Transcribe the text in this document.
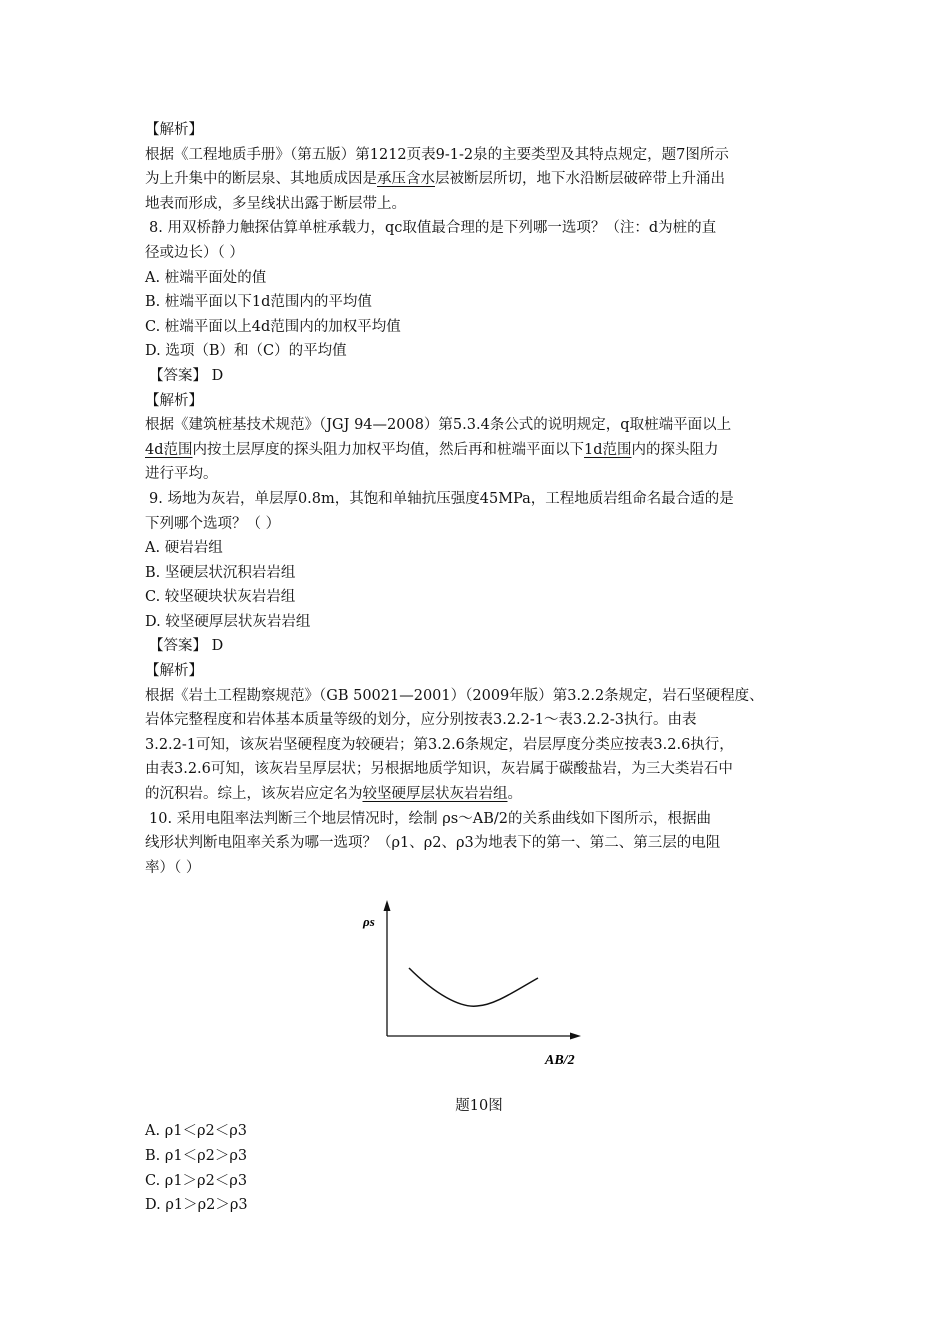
【解析】
根据《工程地质手册》（第五版）第1212页表9-1-2泉的主要类型及其特点规定，题7图所示
为上升集中的断层泉、其地质成因是承压含水层被断层所切，地下水沿断层破碎带上升涌出
地表而形成，多呈线状出露于断层带上。
8. 用双桥静力触探估算单桩承载力，qc取值最合理的是下列哪一选项？（注：d为桩的直
径或边长）（ ）
A. 桩端平面处的值
B. 桩端平面以下1d范围内的平均值
C. 桩端平面以上4d范围内的加权平均值
D. 选项（B）和（C）的平均值
【答案】 D
【解析】
根据《建筑桩基技术规范》（JGJ 94—2008）第5.3.4条公式的说明规定，q取桩端平面以上
4d范围内按土层厚度的探头阻力加权平均值，然后再和桩端平面以下1d范围内的探头阻力
进行平均。
9. 场地为灰岩，单层厚0.8m，其饱和单轴抗压强度45MPa，工程地质岩组命名最合适的是
下列哪个选项？（ ）
A. 硬岩岩组
B. 坚硬层状沉积岩岩组
C. 较坚硬块状灰岩岩组
D. 较坚硬厚层状灰岩岩组
【答案】 D
【解析】
根据《岩土工程勘察规范》（GB 50021—2001）（2009年版）第3.2.2条规定，岩石坚硬程度、
岩体完整程度和岩体基本质量等级的划分，应分别按表3.2.2-1～表3.2.2-3执行。由表
3.2.2-1可知，该灰岩坚硬程度为较硬岩；第3.2.6条规定，岩层厚度分类应按表3.2.6执行，
由表3.2.6可知，该灰岩呈厚层状；另根据地质学知识，灰岩属于碳酸盐岩，为三大类岩石中
的沉积岩。综上，该灰岩应定名为较坚硬厚层状灰岩岩组。
10. 采用电阻率法判断三个地层情况时，绘制 ρs～AB/2的关系曲线如下图所示，根据曲
线形状判断电阻率关系为哪一选项？（ρ1、ρ2、ρ3为地表下的第一、第二、第三层的电阻
率）（ ）
ρs
AB/2
题10图
A. ρ1＜ρ2＜ρ3
B. ρ1＜ρ2＞ρ3
C. ρ1＞ρ2＜ρ3
D. ρ1＞ρ2＞ρ3
